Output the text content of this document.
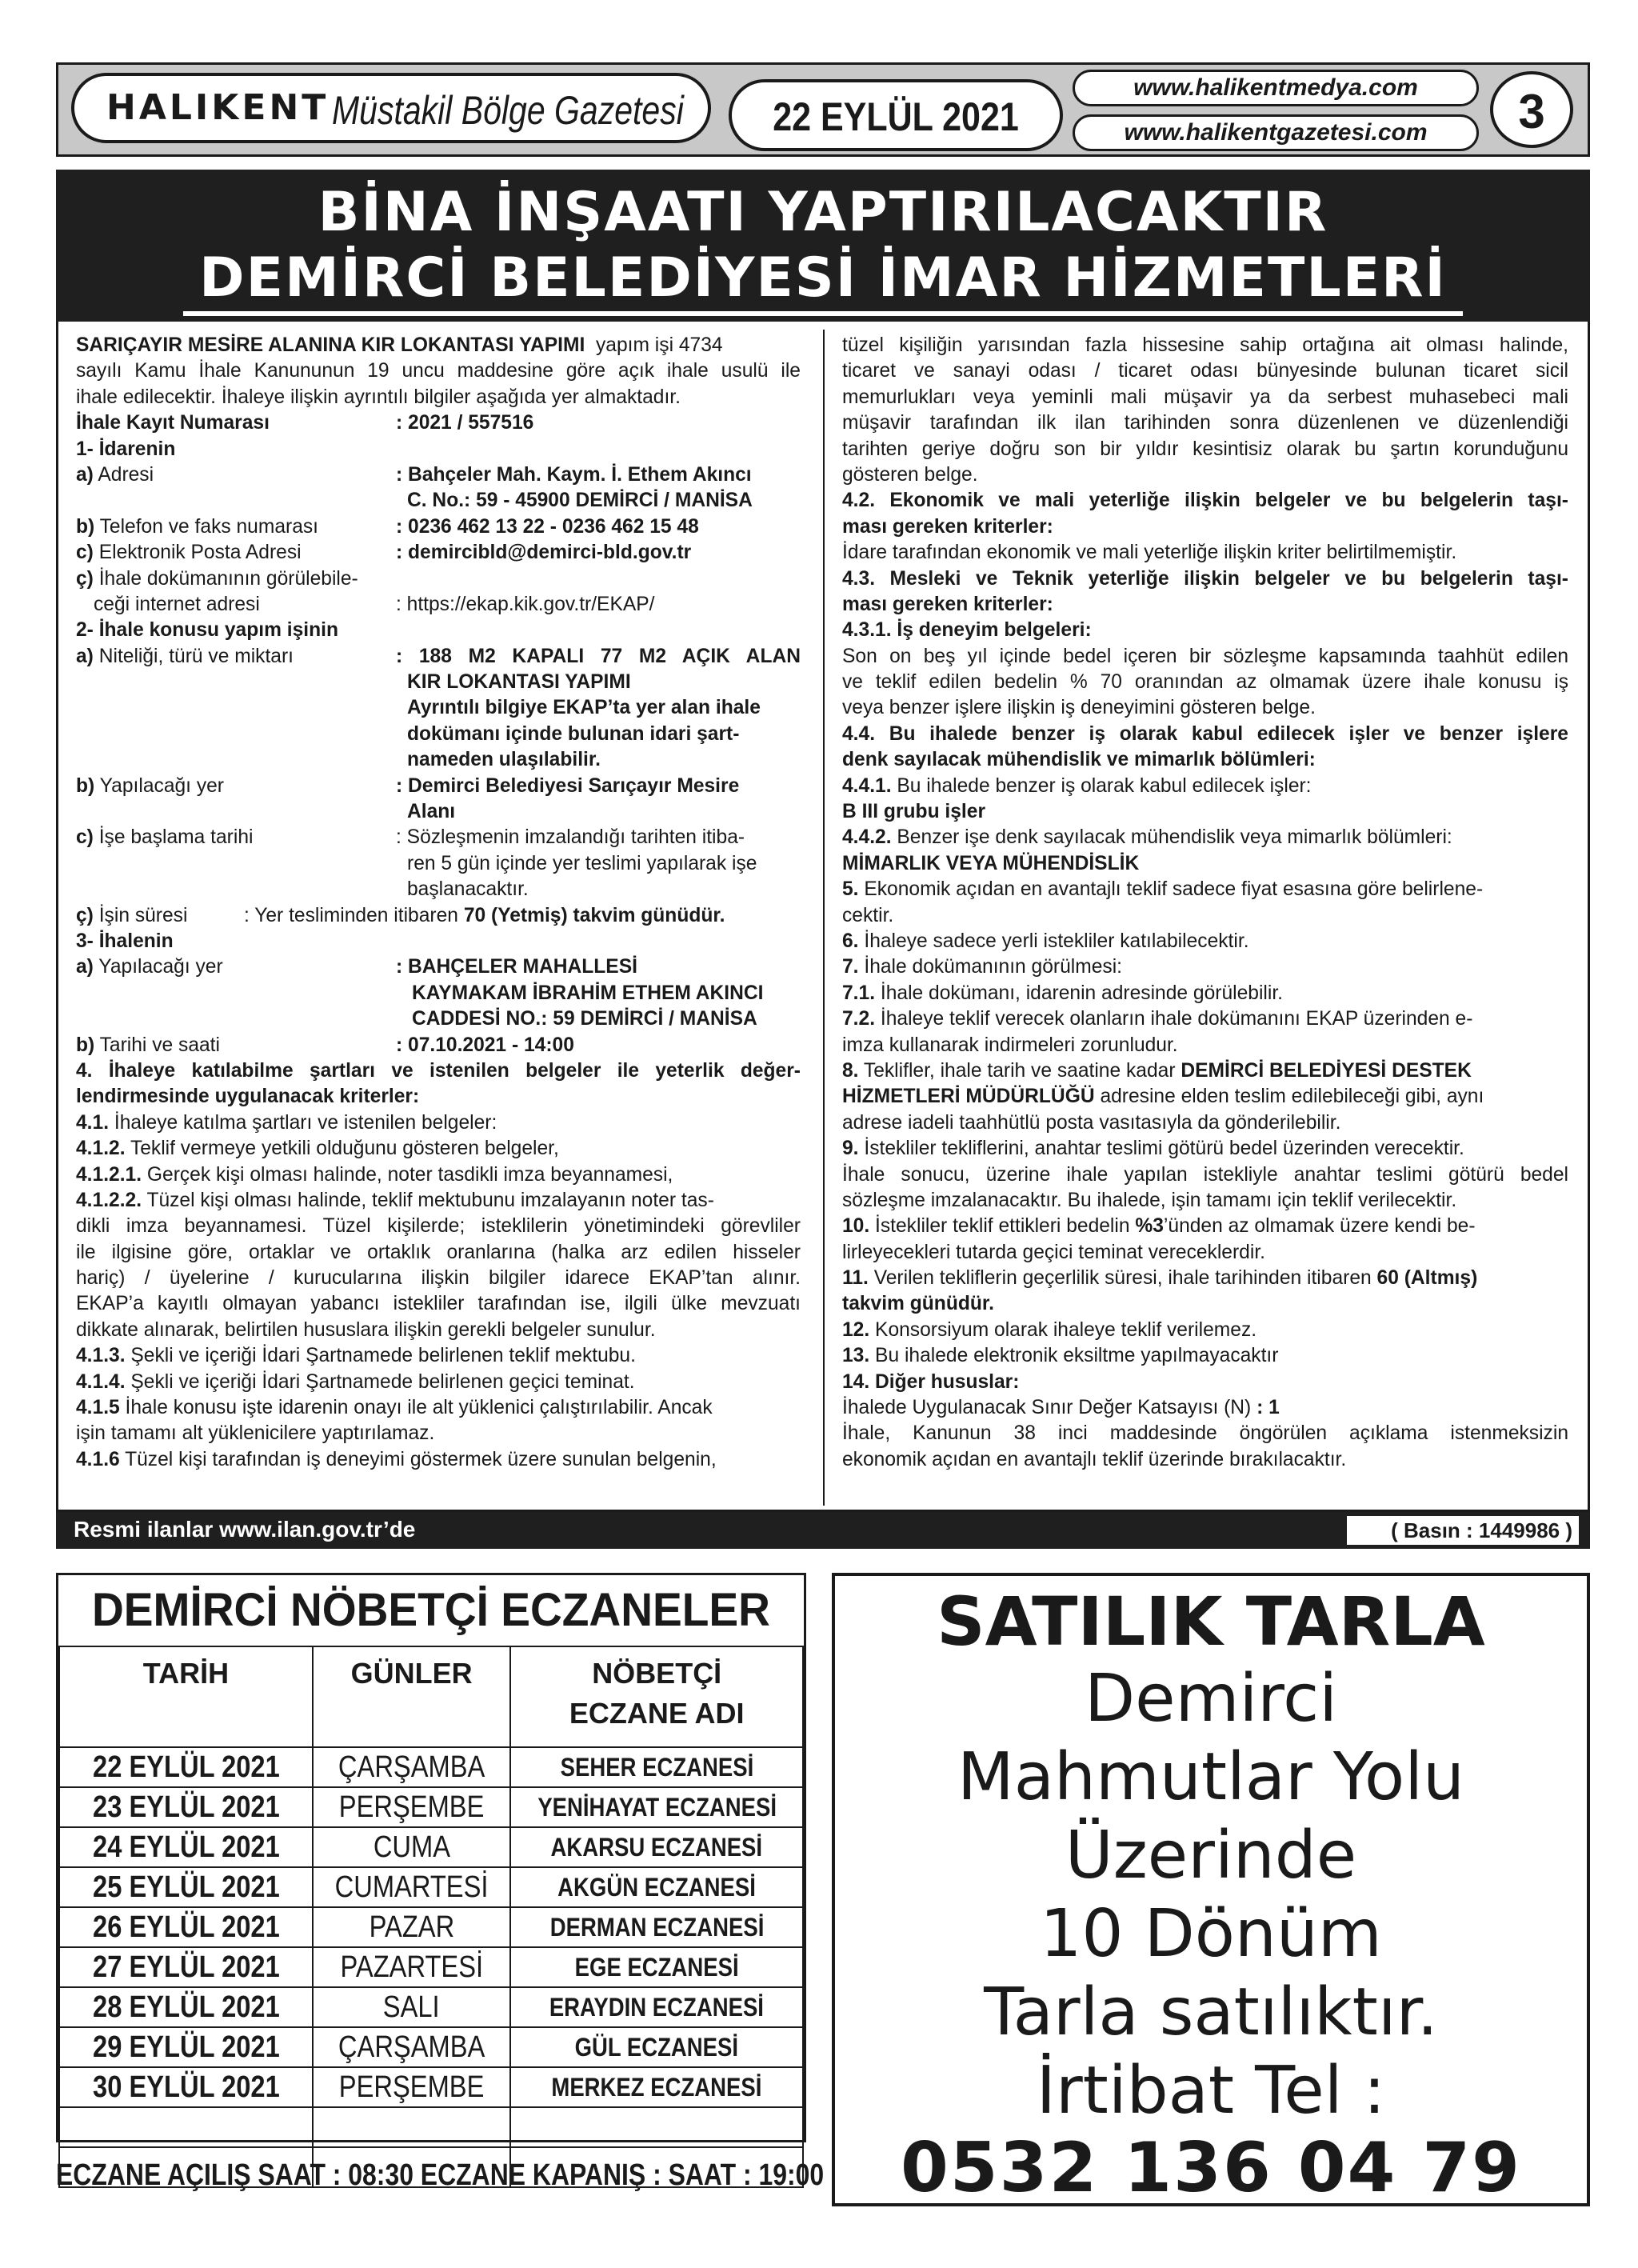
HALIKENT Müstakil Bölge Gazetesi	22 EYLÜL 2021
www.halikentmedya.com
www.halikentgazetesi.com	3
BİNA İNŞAATI YAPTIRILACAKTIR
DEMİRCİ BELEDİYESİ İMAR HİZMETLERİ
SARIÇAYIR MESİRE ALANINA KIR LOKANTASI YAPIMI yapım işi 4734
sayılı Kamu İhale Kanununun 19 uncu maddesine göre açık ihale usulü ile
ihale edilecektir. İhaleye ilişkin ayrıntılı bilgiler aşağıda yer almaktadır.
İhale Kayıt Numarası	: 2021 / 557516
1- İdarenin
a) Adresi	: Bahçeler Mah. Kaym. İ. Ethem Akıncı
C. No.: 59 - 45900 DEMİRCİ / MANİSA
b) Telefon ve faks numarası	: 0236 462 13 22 - 0236 462 15 48
c) Elektronik Posta Adresi	: demircibld@demirci-bld.gov.tr
ç) İhale dokümanının görülebile-
ceği internet adresi	: https://ekap.kik.gov.tr/EKAP/
2- İhale konusu yapım işinin
a) Niteliği, türü ve miktarı	: 188 M2 KAPALI 77 M2 AÇIK ALAN
KIR LOKANTASI YAPIMI
Ayrıntılı bilgiye EKAP’ta yer alan ihale
dokümanı içinde bulunan idari şart-
nameden ulaşılabilir.
b) Yapılacağı yer	: Demirci Belediyesi Sarıçayır Mesire
Alanı
c) İşe başlama tarihi	: Sözleşmenin imzalandığı tarihten itiba-
ren 5 gün içinde yer teslimi yapılarak işe
başlanacaktır.
ç) İşin süresi	: Yer tesliminden itibaren 70 (Yetmiş) takvim günüdür.
3- İhalenin
a) Yapılacağı yer	: BAHÇELER MAHALLESİ
KAYMAKAM İBRAHİM ETHEM AKINCI
CADDESİ NO.: 59 DEMİRCİ / MANİSA
b) Tarihi ve saati	: 07.10.2021 - 14:00
4. İhaleye katılabilme şartları ve istenilen belgeler ile yeterlik değer-
lendirmesinde uygulanacak kriterler:
4.1. İhaleye katılma şartları ve istenilen belgeler:
4.1.2. Teklif vermeye yetkili olduğunu gösteren belgeler,
4.1.2.1. Gerçek kişi olması halinde, noter tasdikli imza beyannamesi,
4.1.2.2. Tüzel kişi olması halinde, teklif mektubunu imzalayanın noter tas-
dikli imza beyannamesi. Tüzel kişilerde; isteklilerin yönetimindeki görevliler
ile ilgisine göre, ortaklar ve ortaklık oranlarına (halka arz edilen hisseler
hariç) / üyelerine / kurucularına ilişkin bilgiler idarece EKAP’tan alınır.
EKAP’a kayıtlı olmayan yabancı istekliler tarafından ise, ilgili ülke mevzuatı
dikkate alınarak, belirtilen hususlara ilişkin gerekli belgeler sunulur.
4.1.3. Şekli ve içeriği İdari Şartnamede belirlenen teklif mektubu.
4.1.4. Şekli ve içeriği İdari Şartnamede belirlenen geçici teminat.
4.1.5 İhale konusu işte idarenin onayı ile alt yüklenici çalıştırılabilir. Ancak
işin tamamı alt yüklenicilere yaptırılamaz.
4.1.6 Tüzel kişi tarafından iş deneyimi göstermek üzere sunulan belgenin,
tüzel kişiliğin yarısından fazla hissesine sahip ortağına ait olması halinde,
ticaret ve sanayi odası / ticaret odası bünyesinde bulunan ticaret sicil
memurlukları veya yeminli mali müşavir ya da serbest muhasebeci mali
müşavir tarafından ilk ilan tarihinden sonra düzenlenen ve düzenlendiği
tarihten geriye doğru son bir yıldır kesintisiz olarak bu şartın korunduğunu
gösteren belge.
4.2. Ekonomik ve mali yeterliğe ilişkin belgeler ve bu belgelerin taşı-
ması gereken kriterler:
İdare tarafından ekonomik ve mali yeterliğe ilişkin kriter belirtilmemiştir.
4.3. Mesleki ve Teknik yeterliğe ilişkin belgeler ve bu belgelerin taşı-
ması gereken kriterler:
4.3.1. İş deneyim belgeleri:
Son on beş yıl içinde bedel içeren bir sözleşme kapsamında taahhüt edilen
ve teklif edilen bedelin % 70 oranından az olmamak üzere ihale konusu iş
veya benzer işlere ilişkin iş deneyimini gösteren belge.
4.4. Bu ihalede benzer iş olarak kabul edilecek işler ve benzer işlere
denk sayılacak mühendislik ve mimarlık bölümleri:
4.4.1. Bu ihalede benzer iş olarak kabul edilecek işler:
B III grubu işler
4.4.2. Benzer işe denk sayılacak mühendislik veya mimarlık bölümleri:
MİMARLIK VEYA MÜHENDİSLİK
5. Ekonomik açıdan en avantajlı teklif sadece fiyat esasına göre belirlene-
cektir.
6. İhaleye sadece yerli istekliler katılabilecektir.
7. İhale dokümanının görülmesi:
7.1. İhale dokümanı, idarenin adresinde görülebilir.
7.2. İhaleye teklif verecek olanların ihale dokümanını EKAP üzerinden e-
imza kullanarak indirmeleri zorunludur.
8. Teklifler, ihale tarih ve saatine kadar DEMİRCİ BELEDİYESİ DESTEK
HİZMETLERİ MÜDÜRLÜĞÜ adresine elden teslim edilebileceği gibi, aynı
adrese iadeli taahhütlü posta vasıtasıyla da gönderilebilir.
9. İstekliler tekliflerini, anahtar teslimi götürü bedel üzerinden verecektir.
İhale sonucu, üzerine ihale yapılan istekliyle anahtar teslimi götürü bedel
sözleşme imzalanacaktır. Bu ihalede, işin tamamı için teklif verilecektir.
10. İstekliler teklif ettikleri bedelin %3’ünden az olmamak üzere kendi be-
lirleyecekleri tutarda geçici teminat vereceklerdir.
11. Verilen tekliflerin geçerlilik süresi, ihale tarihinden itibaren 60 (Altmış)
takvim günüdür.
12. Konsorsiyum olarak ihaleye teklif verilemez.
13. Bu ihalede elektronik eksiltme yapılmayacaktır
14. Diğer hususlar:
İhalede Uygulanacak Sınır Değer Katsayısı (N) : 1
İhale, Kanunun 38 inci maddesinde öngörülen açıklama istenmeksizin
ekonomik açıdan en avantajlı teklif üzerinde bırakılacaktır.
Resmi ilanlar www.ilan.gov.tr’de	( Basın : 1449986 )
DEMİRCİ NÖBETÇİ ECZANELER
TARİH	GÜNLER	NÖBETÇİ
ECZANE ADI
22 EYLÜL 2021	ÇARŞAMBA	SEHER ECZANESİ
23 EYLÜL 2021	PERŞEMBE	YENİHAYAT ECZANESİ
24 EYLÜL 2021	CUMA	AKARSU ECZANESİ
25 EYLÜL 2021	CUMARTESİ	AKGÜN ECZANESİ
26 EYLÜL 2021	PAZAR	DERMAN ECZANESİ
27 EYLÜL 2021	PAZARTESİ	EGE ECZANESİ
28 EYLÜL 2021	SALI	ERAYDIN ECZANESİ
29 EYLÜL 2021	ÇARŞAMBA	GÜL ECZANESİ
30 EYLÜL 2021	PERŞEMBE	MERKEZ ECZANESİ

ECZANE AÇILIŞ SAAT : 08:30 ECZANE KAPANIŞ : SAAT : 19:00
SATILIK TARLA
Demirci
Mahmutlar Yolu
Üzerinde
10 Dönüm
Tarla satılıktır.
İrtibat Tel :
0532 136 04 79
